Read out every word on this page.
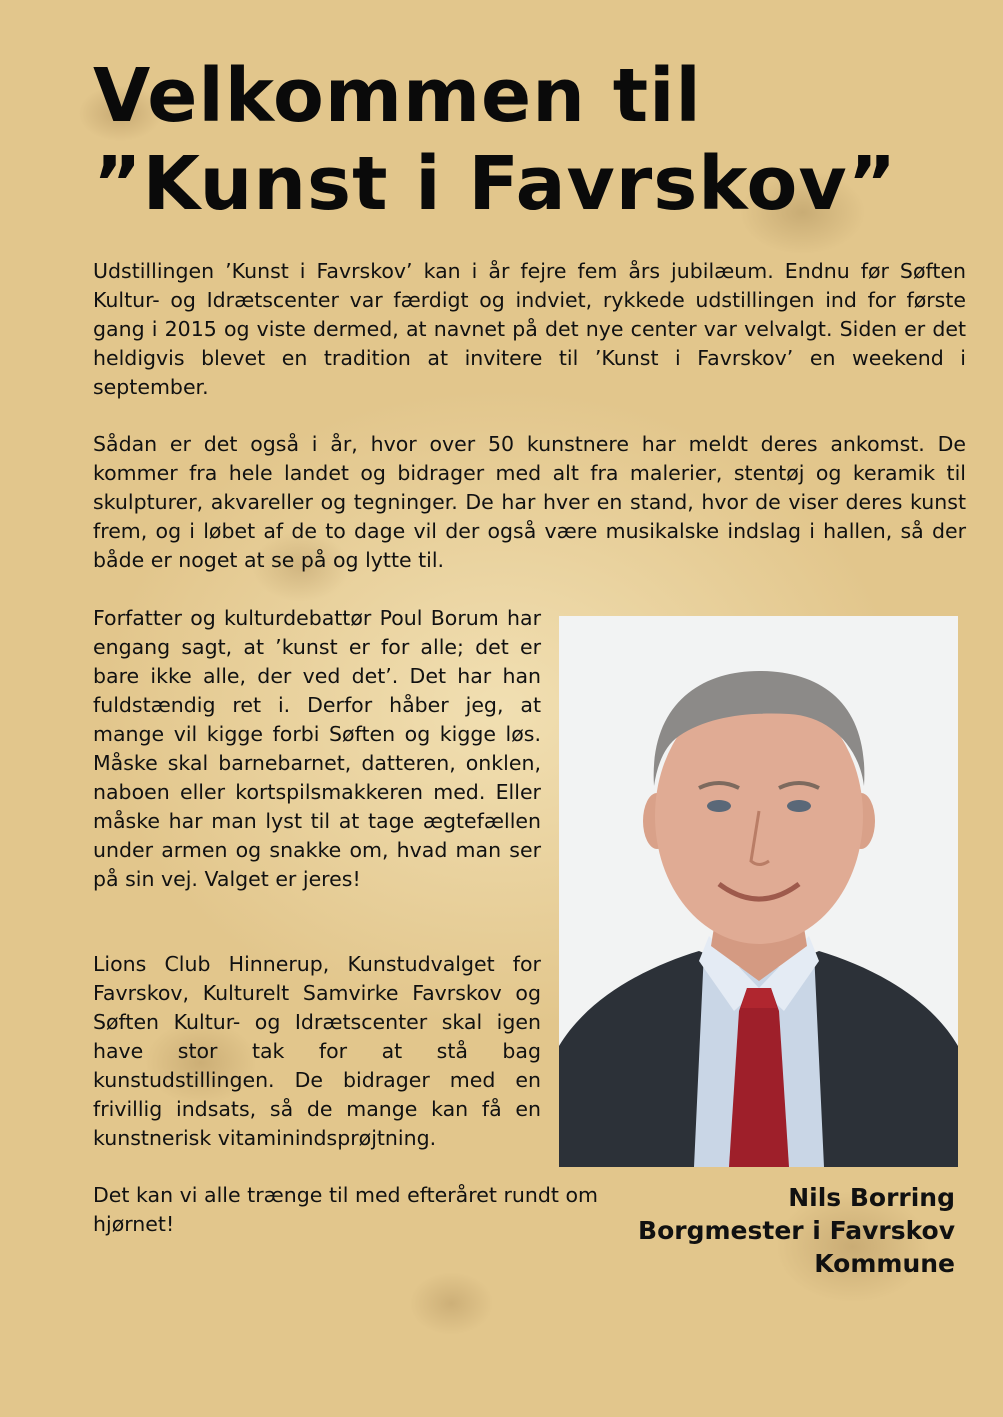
Velkommen til
”Kunst i Favrskov”

Udstillingen ’Kunst i Favrskov’ kan i år fejre fem års jubilæum. Endnu før Søften Kultur- og Idrætscenter var færdigt og indviet, rykkede udstillingen ind for første gang i 2015 og viste dermed, at navnet på det nye center var velvalgt. Siden er det heldigvis blevet en tradition at invitere til ’Kunst i Favrskov’ en weekend i september.

Sådan er det også i år, hvor over 50 kunstnere har meldt deres ankomst. De kommer fra hele landet og bidrager med alt fra malerier, stentøj og keramik til skulpturer, akvareller og tegninger. De har hver en stand, hvor de viser deres kunst frem, og i løbet af de to dage vil der også være musikalske indslag i hallen, så der både er noget at se på og lytte til.

Forfatter og kulturdebattør Poul Borum har engang sagt, at ’kunst er for alle; det er bare ikke alle, der ved det’. Det har han fuldstændig ret i. Derfor håber jeg, at mange vil kigge forbi Søften og kigge løs. Måske skal barnebarnet, datteren, onklen, naboen eller kortspilsmakkeren med. Eller måske har man lyst til at tage ægtefællen under armen og snakke om, hvad man ser på sin vej. Valget er jeres!

Lions Club Hinnerup, Kunstudvalget for Favrskov, Kulturelt Samvirke Favrskov og Søften Kultur- og Idrætscenter skal igen have stor tak for at stå bag kunstudstillingen. De bidrager med en frivillig indsats, så de mange kan få en kunstnerisk vitaminindsprøjtning.

Det kan vi alle trænge til med efteråret rundt om hjørnet!

Nils Borring
Borgmester i Favrskov
Kommune
